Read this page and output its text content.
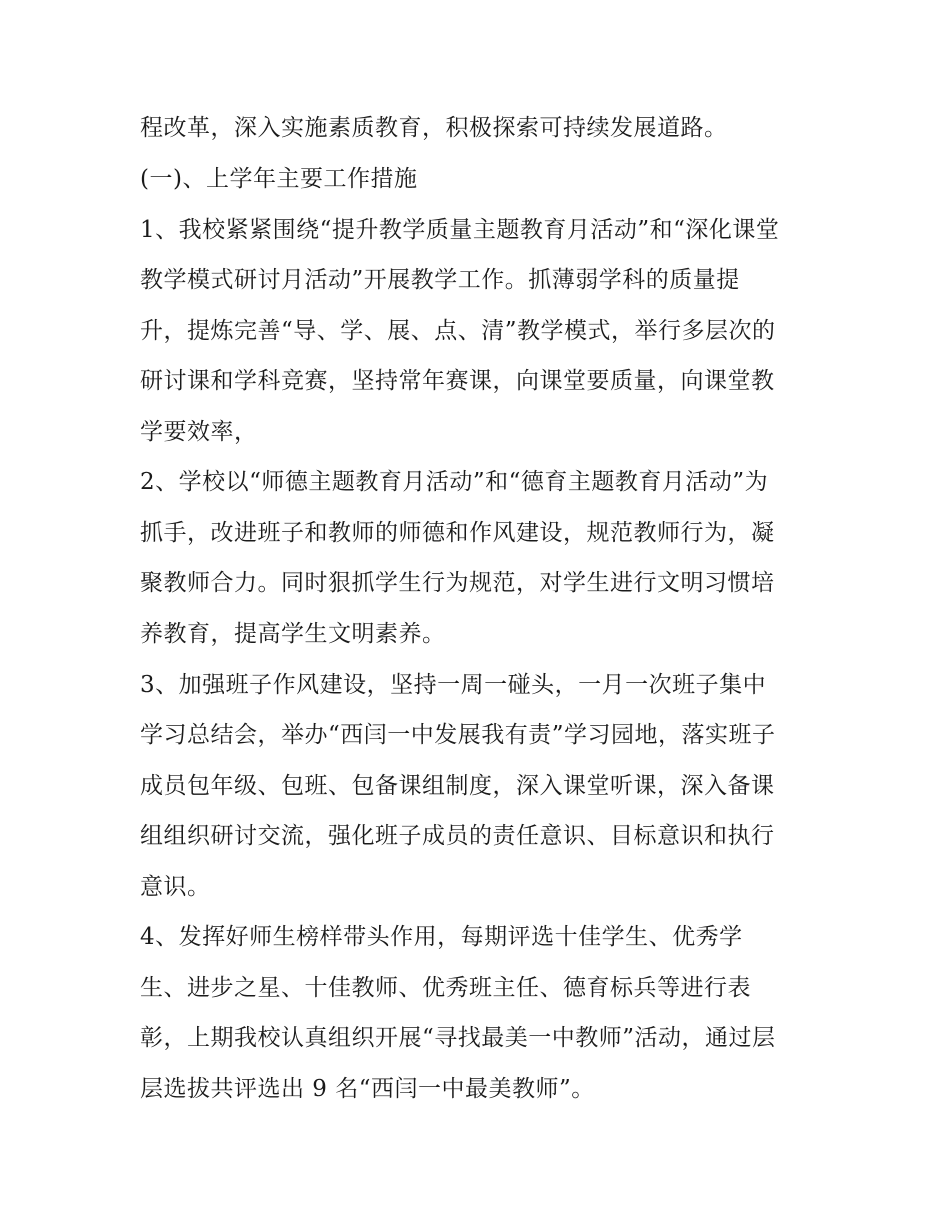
程改革，深入实施素质教育，积极探索可持续发展道路。

(一)、上学年主要工作措施

1、我校紧紧围绕“提升教学质量主题教育月活动”和“深化课堂

教学模式研讨月活动”开展教学工作。抓薄弱学科的质量提

升，提炼完善“导、学、展、点、清”教学模式，举行多层次的

研讨课和学科竞赛，坚持常年赛课，向课堂要质量，向课堂教

学要效率，

2、学校以“师德主题教育月活动”和“德育主题教育月活动”为

抓手，改进班子和教师的师德和作风建设，规范教师行为，凝

聚教师合力。同时狠抓学生行为规范，对学生进行文明习惯培

养教育，提高学生文明素养。

3、加强班子作风建设，坚持一周一碰头，一月一次班子集中

学习总结会，举办“西闫一中发展我有责”学习园地，落实班子

成员包年级、包班、包备课组制度，深入课堂听课，深入备课

组组织研讨交流，强化班子成员的责任意识、目标意识和执行

意识。

4、发挥好师生榜样带头作用，每期评选十佳学生、优秀学

生、进步之星、十佳教师、优秀班主任、德育标兵等进行表

彰，上期我校认真组织开展“寻找最美一中教师”活动，通过层

层选拔共评选出 9 名“西闫一中最美教师”。
